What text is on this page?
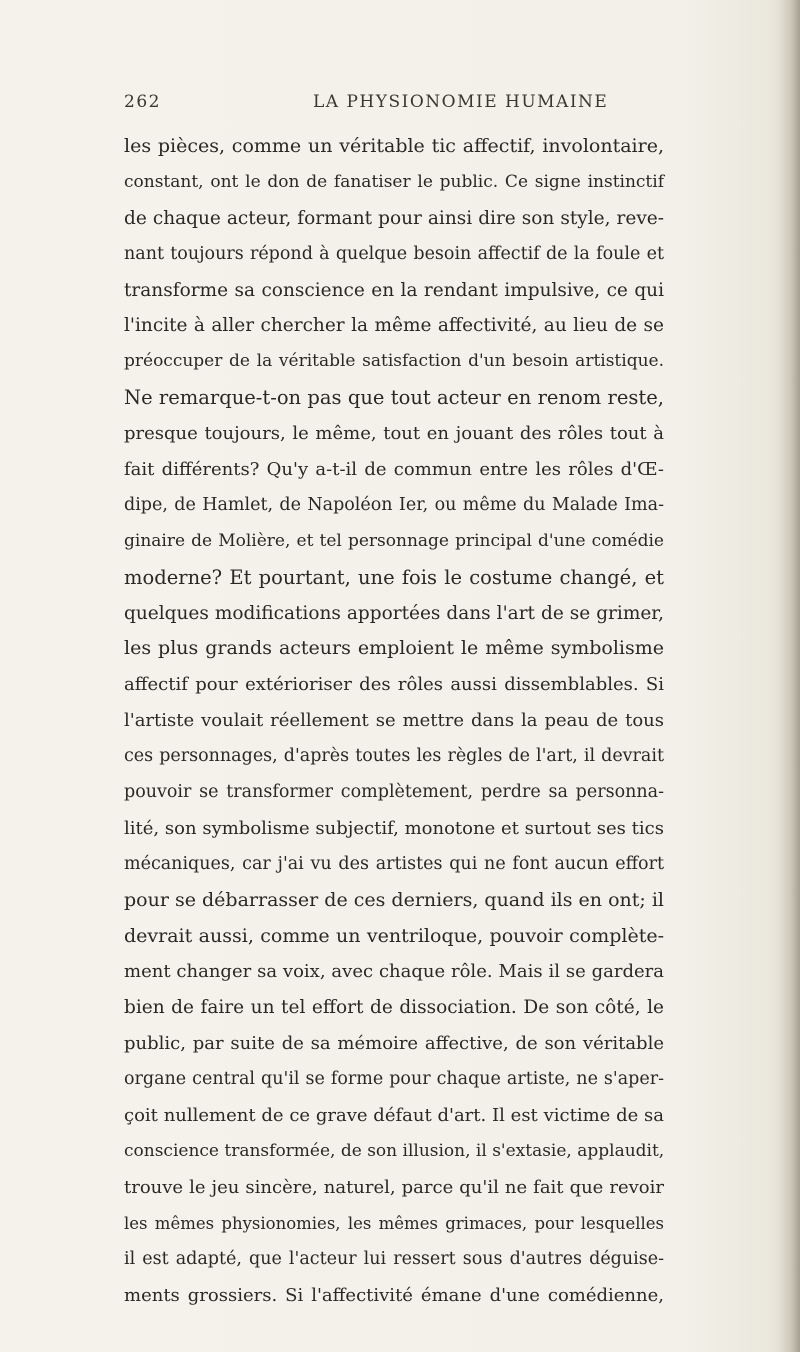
262	LA PHYSIONOMIE HUMAINE
les pièces, comme un véritable tic affectif, involontaire,
constant, ont le don de fanatiser le public. Ce signe instinctif
de chaque acteur, formant pour ainsi dire son style, reve-
nant toujours répond à quelque besoin affectif de la foule et
transforme sa conscience en la rendant impulsive, ce qui
l'incite à aller chercher la même affectivité, au lieu de se
préoccuper de la véritable satisfaction d'un besoin artistique.
Ne remarque-t-on pas que tout acteur en renom reste,
presque toujours, le même, tout en jouant des rôles tout à
fait différents? Qu'y a-t-il de commun entre les rôles d'Œ-
dipe, de Hamlet, de Napoléon Ier, ou même du Malade Ima-
ginaire de Molière, et tel personnage principal d'une comédie
moderne? Et pourtant, une fois le costume changé, et
quelques modifications apportées dans l'art de se grimer,
les plus grands acteurs emploient le même symbolisme
affectif pour extérioriser des rôles aussi dissemblables. Si
l'artiste voulait réellement se mettre dans la peau de tous
ces personnages, d'après toutes les règles de l'art, il devrait
pouvoir se transformer complètement, perdre sa personna-
lité, son symbolisme subjectif, monotone et surtout ses tics
mécaniques, car j'ai vu des artistes qui ne font aucun effort
pour se débarrasser de ces derniers, quand ils en ont; il
devrait aussi, comme un ventriloque, pouvoir complète-
ment changer sa voix, avec chaque rôle. Mais il se gardera
bien de faire un tel effort de dissociation. De son côté, le
public, par suite de sa mémoire affective, de son véritable
organe central qu'il se forme pour chaque artiste, ne s'aper-
çoit nullement de ce grave défaut d'art. Il est victime de sa
conscience transformée, de son illusion, il s'extasie, applaudit,
trouve le jeu sincère, naturel, parce qu'il ne fait que revoir
les mêmes physionomies, les mêmes grimaces, pour lesquelles
il est adapté, que l'acteur lui ressert sous d'autres déguise-
ments grossiers. Si l'affectivité émane d'une comédienne,
